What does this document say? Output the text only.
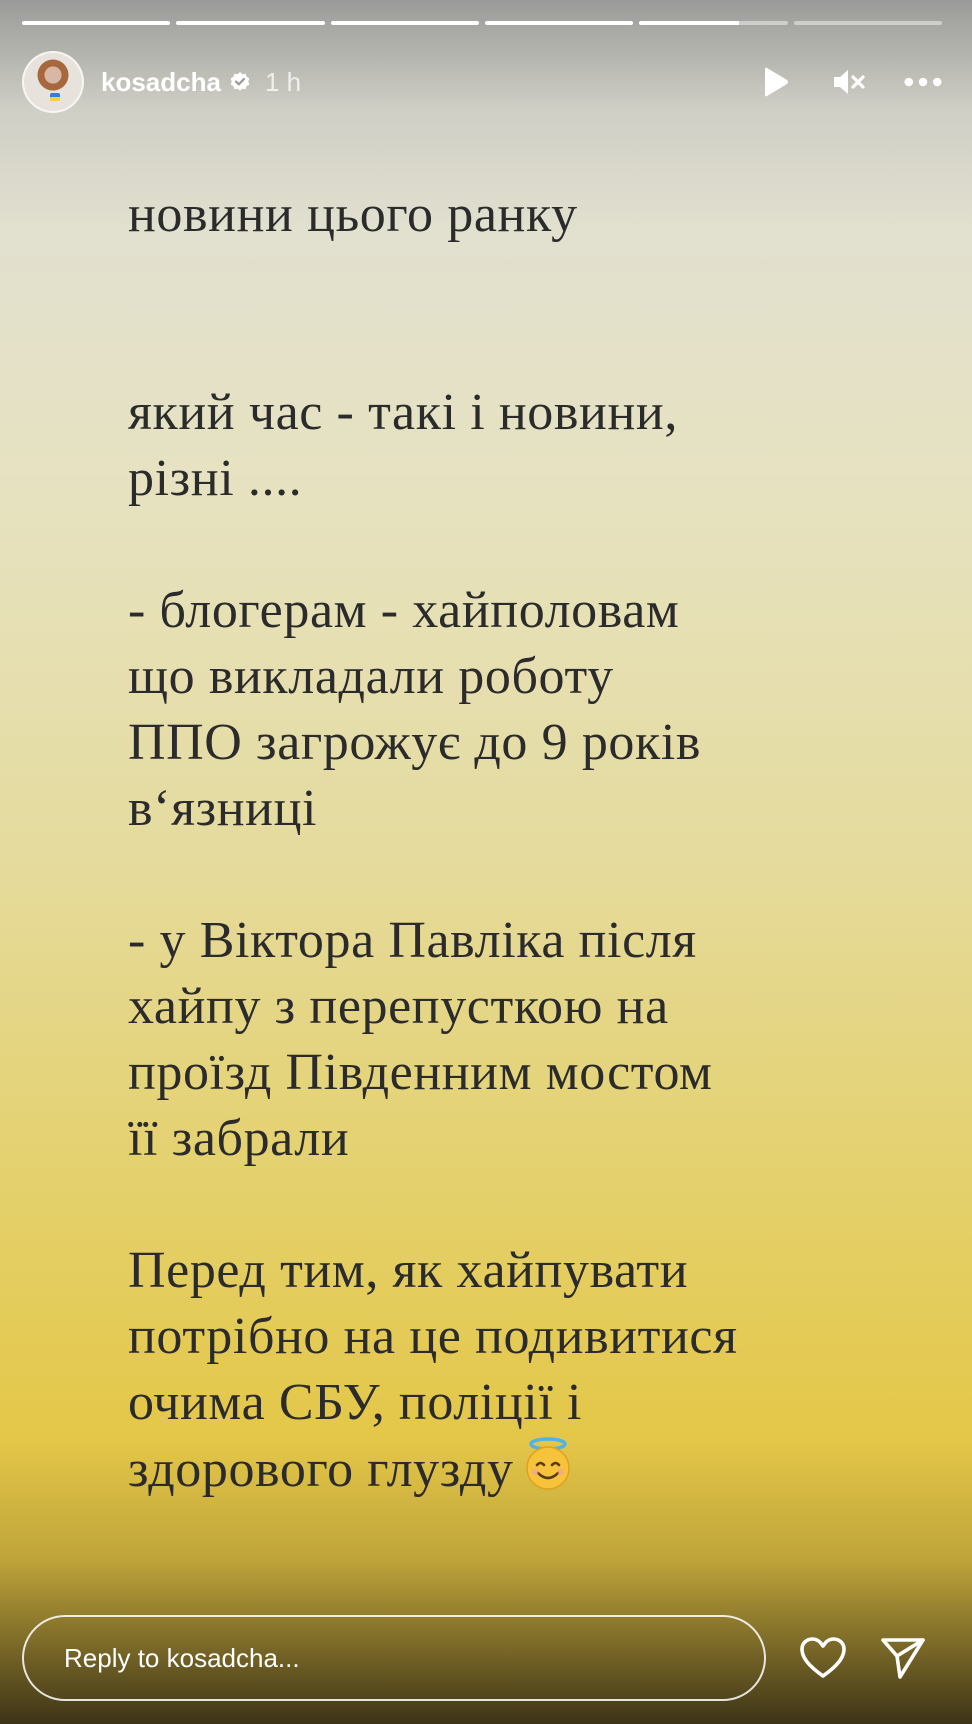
kosadcha 1 h

новини цього ранку

який час - такі і новини,
різні ....

- блогерам - хайполовам
що викладали роботу
ППО загрожує до 9 років
в‘язниці

- у Віктора Павліка після
хайпу з перепусткою на
проїзд Південним мостом
її забрали

Перед тим, як хайпувати
потрібно на це подивитися
очима СБУ, поліції і
здорового глузду

Reply to kosadcha...
